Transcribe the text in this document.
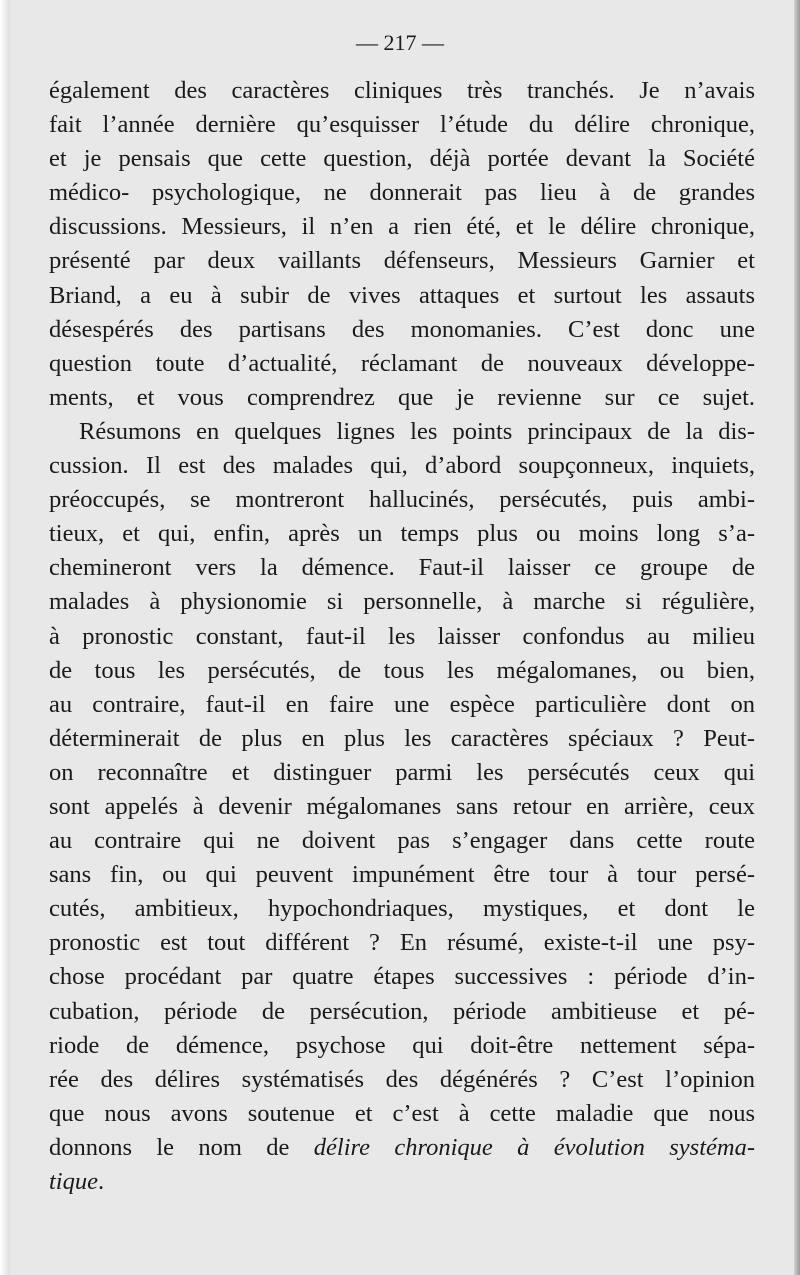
— 217 —
également des caractères cliniques très tranchés. Je n’avais
fait l’année dernière qu’esquisser l’étude du délire chronique,
et je pensais que cette question, déjà portée devant la Société
médico- psychologique, ne donnerait pas lieu à de grandes
discussions. Messieurs, il n’en a rien été, et le délire chronique,
présenté par deux vaillants défenseurs, Messieurs Garnier et
Briand, a eu à subir de vives attaques et surtout les assauts
désespérés des partisans des monomanies. C’est donc une
question toute d’actualité, réclamant de nouveaux développe-
ments, et vous comprendrez que je revienne sur ce sujet.
Résumons en quelques lignes les points principaux de la dis-
cussion. Il est des malades qui, d’abord soupçonneux, inquiets,
préoccupés, se montreront hallucinés, persécutés, puis ambi-
tieux, et qui, enfin, après un temps plus ou moins long s’a-
chemineront vers la démence. Faut-il laisser ce groupe de
malades à physionomie si personnelle, à marche si régulière,
à pronostic constant, faut-il les laisser confondus au milieu
de tous les persécutés, de tous les mégalomanes, ou bien,
au contraire, faut-il en faire une espèce particulière dont on
déterminerait de plus en plus les caractères spéciaux ? Peut-
on reconnaître et distinguer parmi les persécutés ceux qui
sont appelés à devenir mégalomanes sans retour en arrière, ceux
au contraire qui ne doivent pas s’engager dans cette route
sans fin, ou qui peuvent impunément être tour à tour persé-
cutés, ambitieux, hypochondriaques, mystiques, et dont le
pronostic est tout différent ? En résumé, existe-t-il une psy-
chose procédant par quatre étapes successives : période d’in-
cubation, période de persécution, période ambitieuse et pé-
riode de démence, psychose qui doit-être nettement sépa-
rée des délires systématisés des dégénérés ? C’est l’opinion
que nous avons soutenue et c’est à cette maladie que nous
donnons le nom de délire chronique à évolution systéma-
tique.
